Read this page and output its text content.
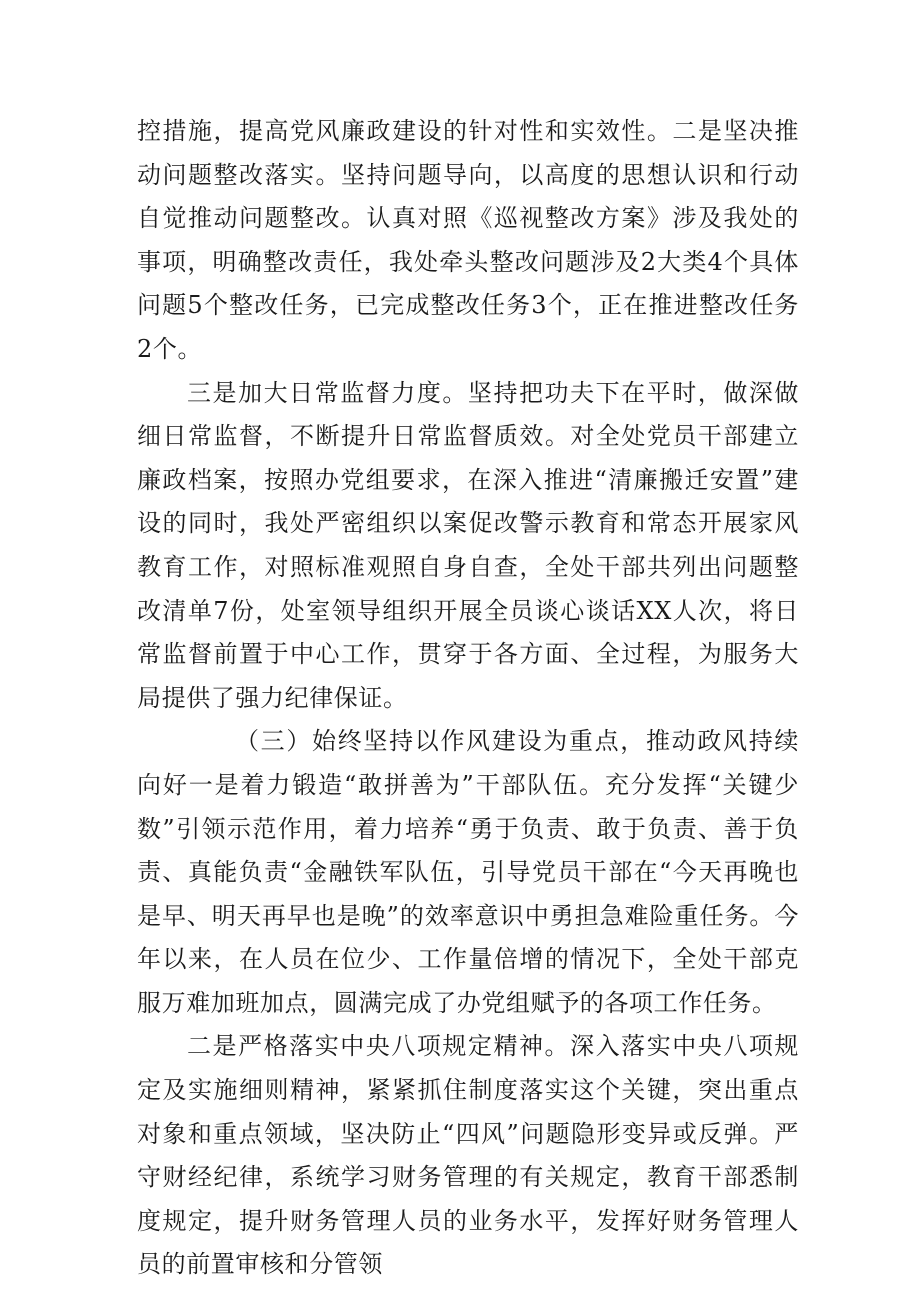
控措施，提高党风廉政建设的针对性和实效性。二是坚决推动问题整改落实。坚持问题导向，以高度的思想认识和行动自觉推动问题整改。认真对照《巡视整改方案》涉及我处的事项，明确整改责任，我处牵头整改问题涉及2大类4个具体问题5个整改任务，已完成整改任务3个，正在推进整改任务2个。

三是加大日常监督力度。坚持把功夫下在平时，做深做细日常监督，不断提升日常监督质效。对全处党员干部建立廉政档案，按照办党组要求，在深入推进“清廉搬迁安置”建设的同时，我处严密组织以案促改警示教育和常态开展家风教育工作，对照标准观照自身自查，全处干部共列出问题整改清单7份，处室领导组织开展全员谈心谈话XX人次，将日常监督前置于中心工作，贯穿于各方面、全过程，为服务大局提供了强力纪律保证。

（三）始终坚持以作风建设为重点，推动政风持续向好一是着力锻造“敢拼善为”干部队伍。充分发挥“关键少数”引领示范作用，着力培养“勇于负责、敢于负责、善于负责、真能负责“金融铁军队伍，引导党员干部在“今天再晚也是早、明天再早也是晚”的效率意识中勇担急难险重任务。今年以来，在人员在位少、工作量倍增的情况下，全处干部克服万难加班加点，圆满完成了办党组赋予的各项工作任务。

二是严格落实中央八项规定精神。深入落实中央八项规定及实施细则精神，紧紧抓住制度落实这个关键，突出重点对象和重点领域，坚决防止“四风”问题隐形变异或反弹。严守财经纪律，系统学习财务管理的有关规定，教育干部悉制度规定，提升财务管理人员的业务水平，发挥好财务管理人员的前置审核和分管领
